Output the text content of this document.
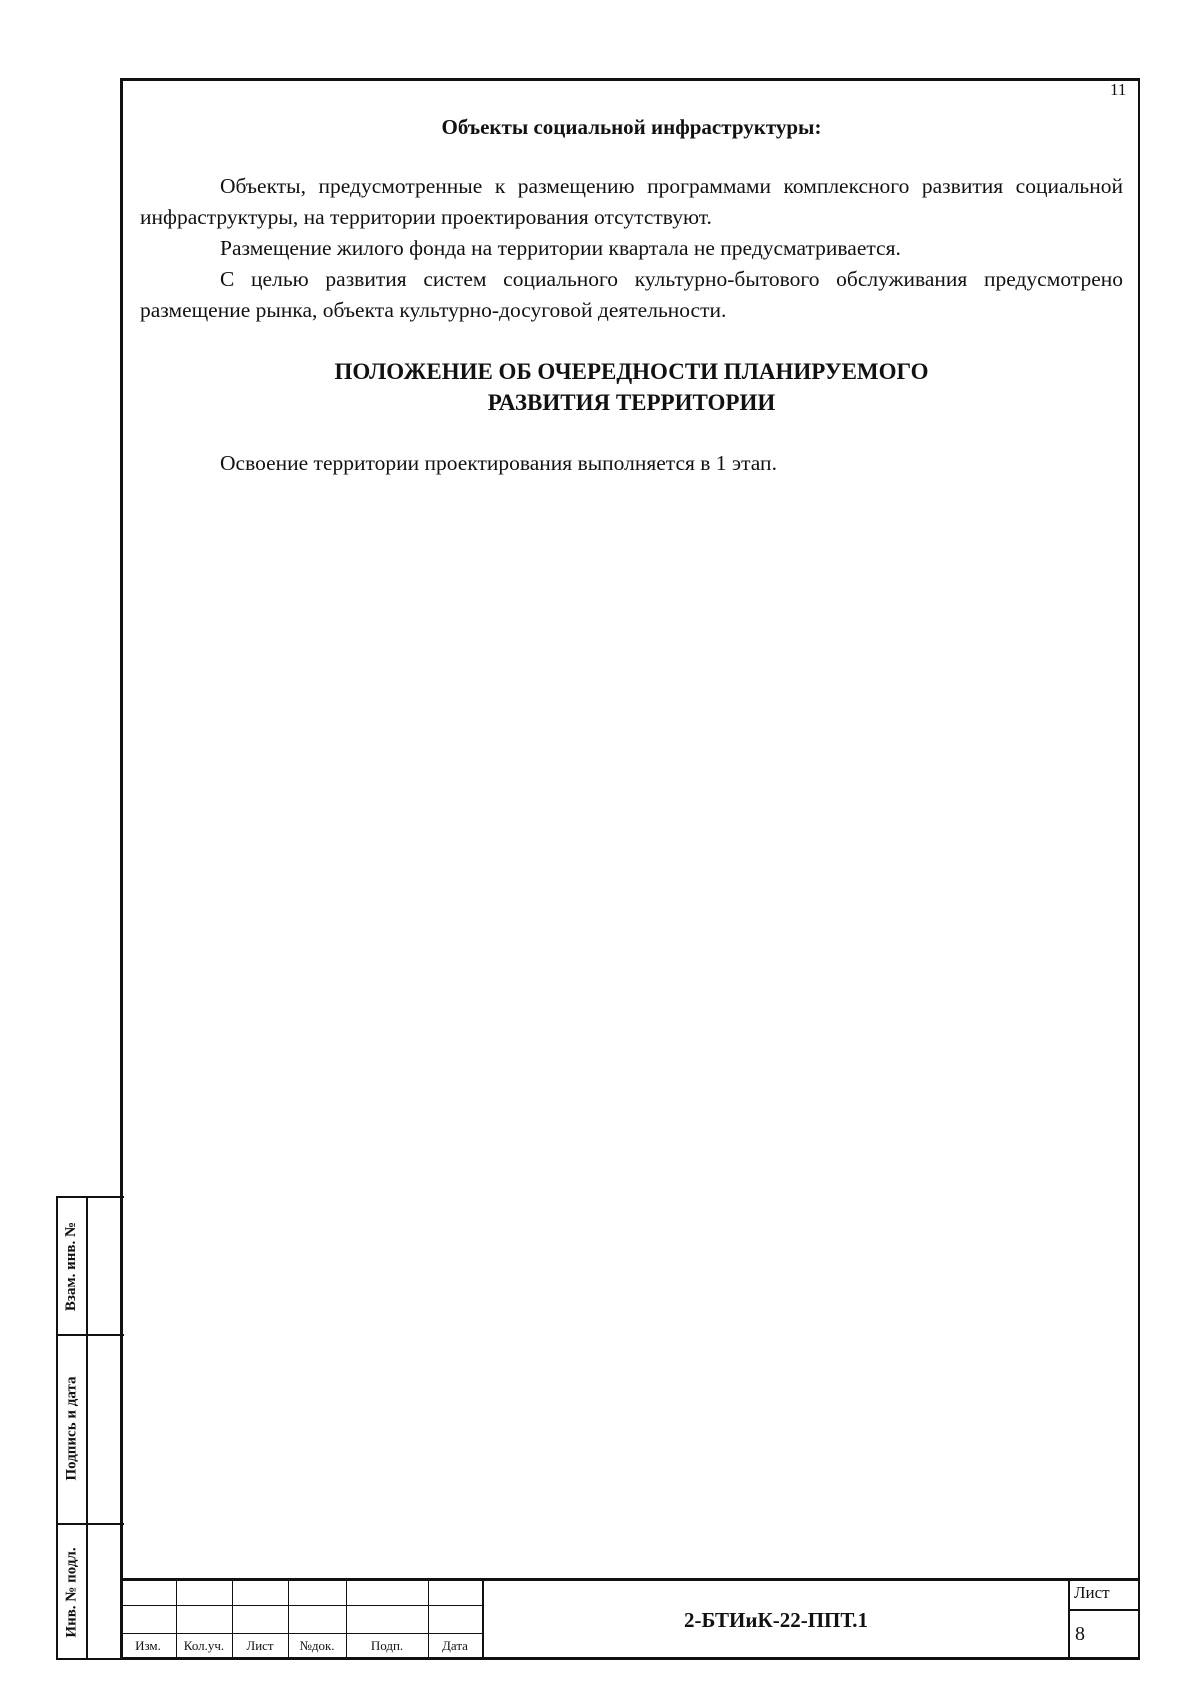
11
Объекты социальной инфраструктуры:

Объекты, предусмотренные к размещению программами комплексного развития социальной инфраструктуры, на территории проектирования отсутствуют.

Размещение жилого фонда на территории квартала не предусматривается.

С целью развития систем социального культурно-бытового обслуживания предусмотрено размещение рынка, объекта культурно-досуговой деятельности.

ПОЛОЖЕНИЕ ОБ ОЧЕРЕДНОСТИ ПЛАНИРУЕМОГО
РАЗВИТИЯ ТЕРРИТОРИИ

Освоение территории проектирования выполняется в 1 этап.

Взам. инв. №
Подпись и дата
Инв. № подл.
Изм.	Кол.уч.	Лист	№док.	Подп.	Дата
2-БТИиК-22-ППТ.1
Лист
8
